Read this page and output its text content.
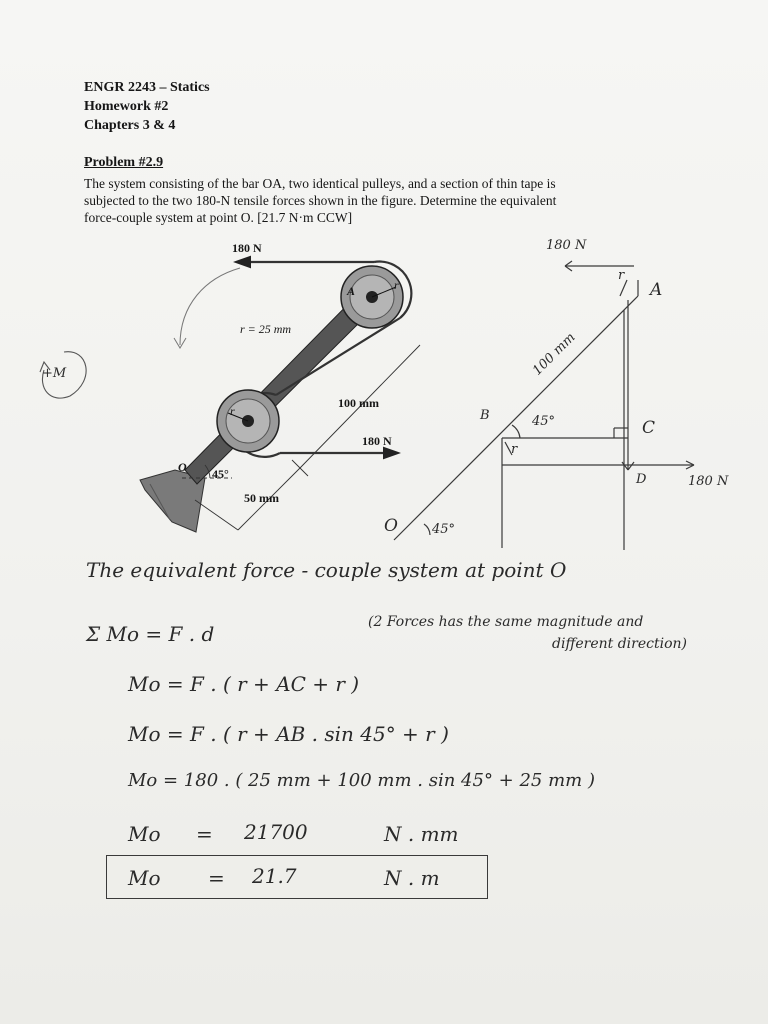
ENGR 2243 – Statics
Homework #2
Chapters 3 & 4
Problem #2.9
The system consisting of the bar OA, two identical pulleys, and a section of thin tape is
subjected to the two 180-N tensile forces shown in the figure. Determine the equivalent
force-couple system at point O. [21.7 N·m CCW]
180 N
A	r
r = 25 mm
100 mm
r
180 N
O 45°
50 mm
+M
180 N
r
A
100 mm
B	45°	C
r
D	180 N
O	45°
The equivalent force - couple system at point O
Σ Mo = F . d	(2 Forces has the same magnitude and
different direction)
Mo = F . ( r + AC + r )
Mo = F . ( r + AB . sin 45° + r )
Mo = 180 . ( 25 mm + 100 mm . sin 45° + 25 mm )
Mo = 21700	N . mm
Mo = 21.7	N . m
